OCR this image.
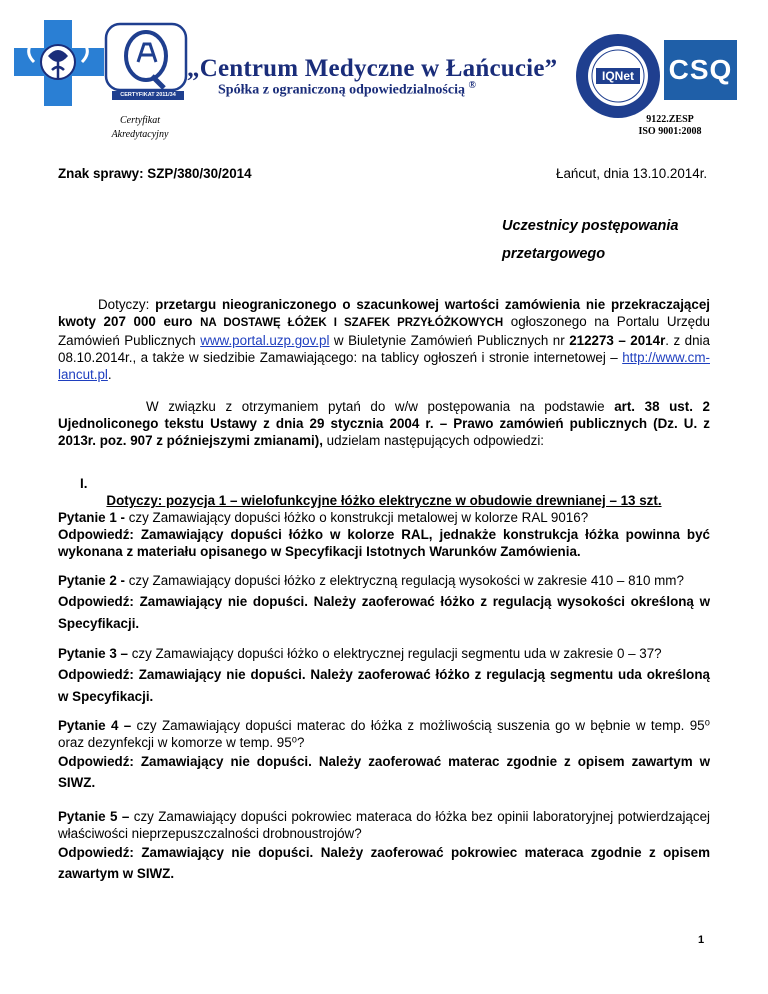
CERTYFIKAT 2011/34
„Centrum Medyczne w Łańcucie”
Spółka z ograniczoną odpowiedzialnością ®
Certyfikat
Akredytacyjny
IQNet CSQ
9122.ZESP
ISO 9001:2008
Znak sprawy: SZP/380/30/2014	Łańcut, dnia 13.10.2014r.
Uczestnicy postępowania
przetargowego
Dotyczy: przetargu nieograniczonego o szacunkowej wartości zamówienia nie przekraczającej kwoty 207 000 euro NA DOSTAWĘ ŁÓŻEK I SZAFEK PRZYŁÓŻKOWYCH ogłoszonego na Portalu Urzędu Zamówień Publicznych www.portal.uzp.gov.pl w Biuletynie Zamówień Publicznych nr 212273 – 2014r. z dnia 08.10.2014r., a także w siedzibie Zamawiającego: na tablicy ogłoszeń i stronie internetowej – http://www.cm-lancut.pl.
W związku z otrzymaniem pytań do w/w postępowania na podstawie art. 38 ust. 2 Ujednoliconego tekstu Ustawy z dnia 29 stycznia 2004 r. – Prawo zamówień publicznych (Dz. U. z 2013r. poz. 907 z późniejszymi zmianami), udzielam następujących odpowiedzi:
I.
Dotyczy: pozycja 1 – wielofunkcyjne łóżko elektryczne w obudowie drewnianej – 13 szt.
Pytanie 1 - czy Zamawiający dopuści łóżko o konstrukcji metalowej w kolorze RAL 9016?
Odpowiedź: Zamawiający dopuści łóżko w kolorze RAL, jednakże konstrukcja łóżka powinna być wykonana z materiału opisanego w Specyfikacji Istotnych Warunków Zamówienia.
Pytanie 2 - czy Zamawiający dopuści łóżko z elektryczną regulacją wysokości w zakresie 410 – 810 mm?
Odpowiedź: Zamawiający nie dopuści. Należy zaoferować łóżko z regulacją wysokości określoną w Specyfikacji.
Pytanie 3 – czy Zamawiający dopuści łóżko o elektrycznej regulacji segmentu uda w zakresie 0 – 37?
Odpowiedź: Zamawiający nie dopuści. Należy zaoferować łóżko z regulacją segmentu uda określoną w Specyfikacji.
Pytanie 4 – czy Zamawiający dopuści materac do łóżka z możliwością suszenia go w bębnie w temp. 95⁰ oraz dezynfekcji w komorze w temp. 95⁰?
Odpowiedź: Zamawiający nie dopuści. Należy zaoferować materac zgodnie z opisem zawartym w SIWZ.
Pytanie 5 – czy Zamawiający dopuści pokrowiec materaca do łóżka bez opinii laboratoryjnej potwierdzającej właściwości nieprzepuszczalności drobnoustrojów?
Odpowiedź: Zamawiający nie dopuści. Należy zaoferować pokrowiec materaca zgodnie z opisem zawartym w SIWZ.
1
